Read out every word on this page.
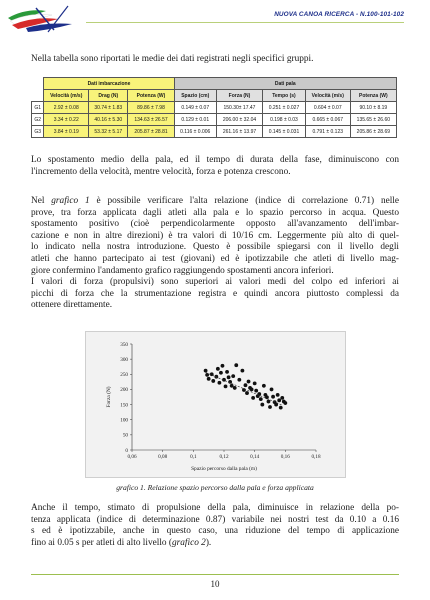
NUOVA CANOA RICERCA - N.100-101-102
Nella tabella sono riportati le medie dei dati registrati negli specifici gruppi.
	Dati imbarcazione			Dati pala				
	Velocità (m/s)	Drag (N)	Potenza (W)	Spazio (cm)	Forza (N)	Tempo (s)	Velocità (m/s)	Potenza (W)
G1	2.92 ± 0.08	30.74 ± 1.83	89.86 ± 7.98	0.149 ± 0.07	150.30± 17.47	0.251 ± 0.027	0.604 ± 0.07	90.10 ± 8.19
G2	3.34 ± 0.22	40.16 ± 5.30	134.63 ± 26.57	0.129 ± 0.01	206.00 ± 32.04	0.198 ± 0.03	0.665 ± 0.067	135.65 ± 26.60
G3	3.84 ± 0.19	53.32 ± 5.17	205.87 ± 28.81	0.116 ± 0.006	261.16 ± 13.97	0.145 ± 0.031	0.791 ± 0.123	205.86 ± 28.69
Lo spostamento medio della pala, ed il tempo di durata della fase, diminuiscono con
l'incremento della velocità, mentre velocità, forza e potenza crescono.
Nel grafico 1 è possibile verificare l'alta relazione (indice di correlazione 0.71) nelle
prove, tra forza applicata dagli atleti alla pala e lo spazio percorso in acqua. Questo
spostamento positivo (cioè perpendicolarmente opposto all'avanzamento dell'imbar-
cazione e non in altre direzioni) è tra valori di 10/16 cm. Leggermente più alto di quel-
lo indicato nella nostra introduzione. Questo è possibile spiegarsi con il livello degli
atleti che hanno partecipato ai test (giovani) ed è ipotizzabile che atleti di livello mag-
giore confermino l'andamento grafico raggiungendo spostamenti ancora inferiori.
I valori di forza (propulsivi) sono superiori ai valori medi del colpo ed inferiori ai
picchi di forza che la strumentazione registra e quindi ancora piuttosto complessi da
ottenere direttamente.
0
50
100
150
200
250
300
350
0,06	0,08	0,1	0,12	0,14	0,16	0,18
Forza (N)
Spazio percorso dalla pala (m)
grafico 1. Relazione spazio percorso dalla pala e forza applicata
Anche il tempo, stimato di propulsione della pala, diminuisce in relazione della po-
tenza applicata (indice di determinazione 0.87) variabile nei nostri test da 0.10 a 0.16
s ed è ipotizzabile, anche in questo caso, una riduzione del tempo di applicazione
fino ai 0.05 s per atleti di alto livello (grafico 2).
10
